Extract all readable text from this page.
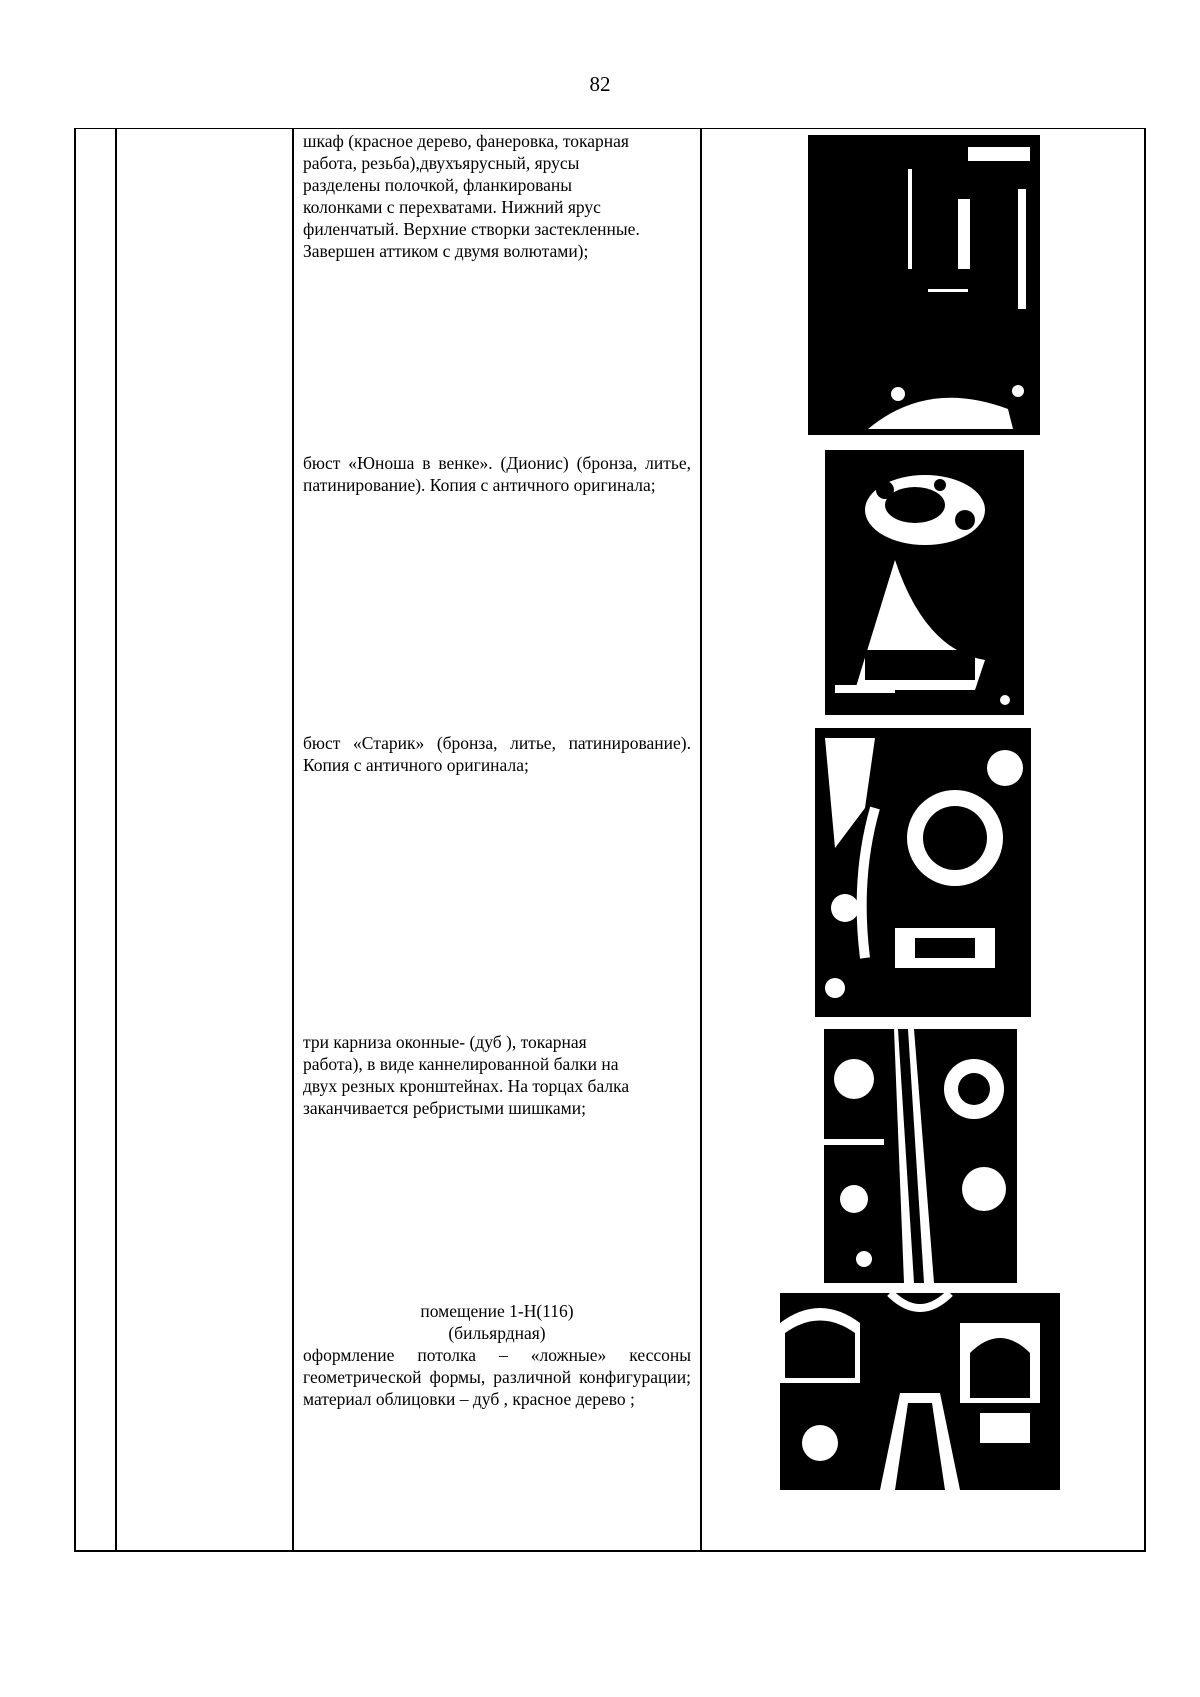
82

шкаф (красное дерево, фанеровка, токарная

работа, резьба),двухъярусный, ярусы

разделены полочкой, фланкированы

колонками с перехватами. Нижний ярус

филенчатый. Верхние створки застекленные.

Завершен аттиком с двумя волютами);

бюст «Юноша в венке». (Дионис) (бронза, литье, патинирование). Копия с античного оригинала;

бюст «Старик» (бронза, литье, патинирование). Копия с античного оригинала;

три карниза оконные- (дуб ), токарная

работа), в виде каннелированной балки на

двух резных кронштейнах. На торцах балка

заканчивается ребристыми шишками;

помещение 1-Н(116)

(бильярдная)

оформление потолка – «ложные» кессоны геометрической формы, различной конфигурации; материал облицовки – дуб , красное дерево ;
